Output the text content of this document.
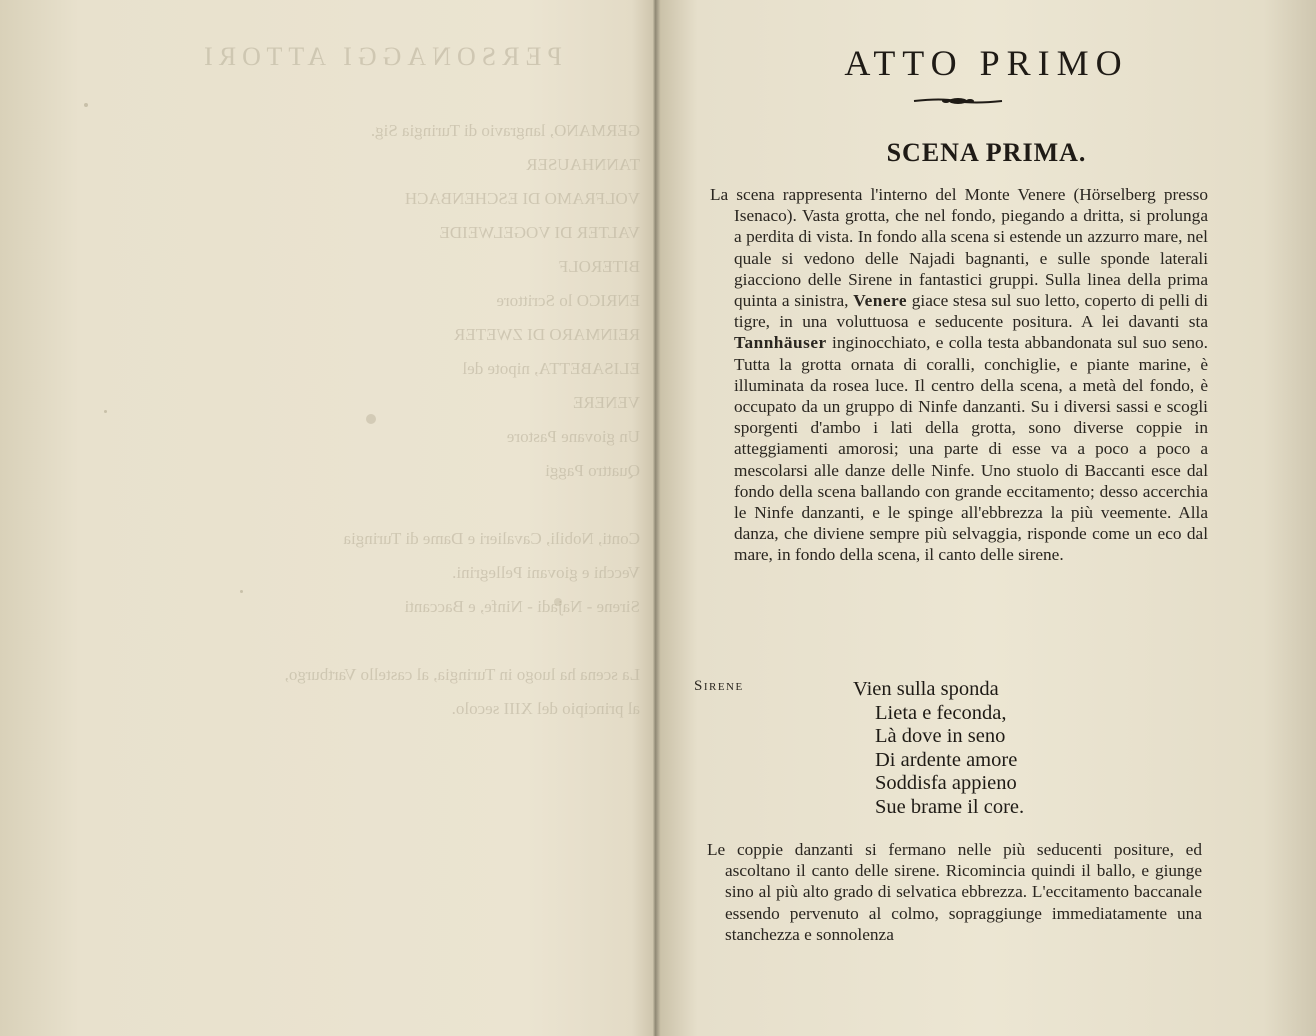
PERSONAGGI ATTORI
GERMANO, langravio di Turingia Sig.
TANNHAUSER
VOLFRAMO DI ESCHENBACH
VALTER DI VOGELWEIDE
BITEROLF
ENRICO lo Scrittore
REINMARO DI ZWETER
ELISABETTA, nipote del
VENERE
Un giovane Pastore
Quattro Paggi

Conti, Nobili, Cavalieri e Dame di Turingia
Vecchi e giovani Pellegrini.
Sirene - Najadi - Ninfe, e Baccanti

La scena ha luogo in Turingia, al castello Vartburgo,
al principio del XIII secolo.
ATTO PRIMO
SCENA PRIMA.

La scena rappresenta l'interno del Monte Venere (Hörselberg presso Isenaco). Vasta grotta, che nel fondo, piegando a dritta, si prolunga a perdita di vista. In fondo alla scena si estende un azzurro mare, nel quale si vedono delle Najadi bagnanti, e sulle sponde laterali giacciono delle Sirene in fantastici gruppi. Sulla linea della prima quinta a sinistra, Venere giace stesa sul suo letto, coperto di pelli di tigre, in una voluttuosa e seducente positura. A lei davanti sta Tannhäuser inginocchiato, e colla testa abbandonata sul suo seno. Tutta la grotta ornata di coralli, conchiglie, e piante marine, è illuminata da rosea luce. Il centro della scena, a metà del fondo, è occupato da un gruppo di Ninfe danzanti. Su i diversi sassi e scogli sporgenti d'ambo i lati della grotta, sono diverse coppie in atteggiamenti amorosi; una parte di esse va a poco a poco a mescolarsi alle danze delle Ninfe. Uno stuolo di Baccanti esce dal fondo della scena ballando con grande eccitamento; desso accerchia le Ninfe danzanti, e le spinge all'ebbrezza la più veemente. Alla danza, che diviene sempre più selvaggia, risponde come un eco dal mare, in fondo della scena, il canto delle sirene.

Sirene	Vien sulla sponda
Lieta e feconda,
Là dove in seno
Di ardente amore
Soddisfa appieno
Sue brame il core.

Le coppie danzanti si fermano nelle più seducenti positure, ed ascoltano il canto delle sirene. Ricomincia quindi il ballo, e giunge sino al più alto grado di selvatica ebbrezza. L'eccitamento baccanale essendo pervenuto al colmo, sopraggiunge immediatamente una stanchezza e sonnolenza
